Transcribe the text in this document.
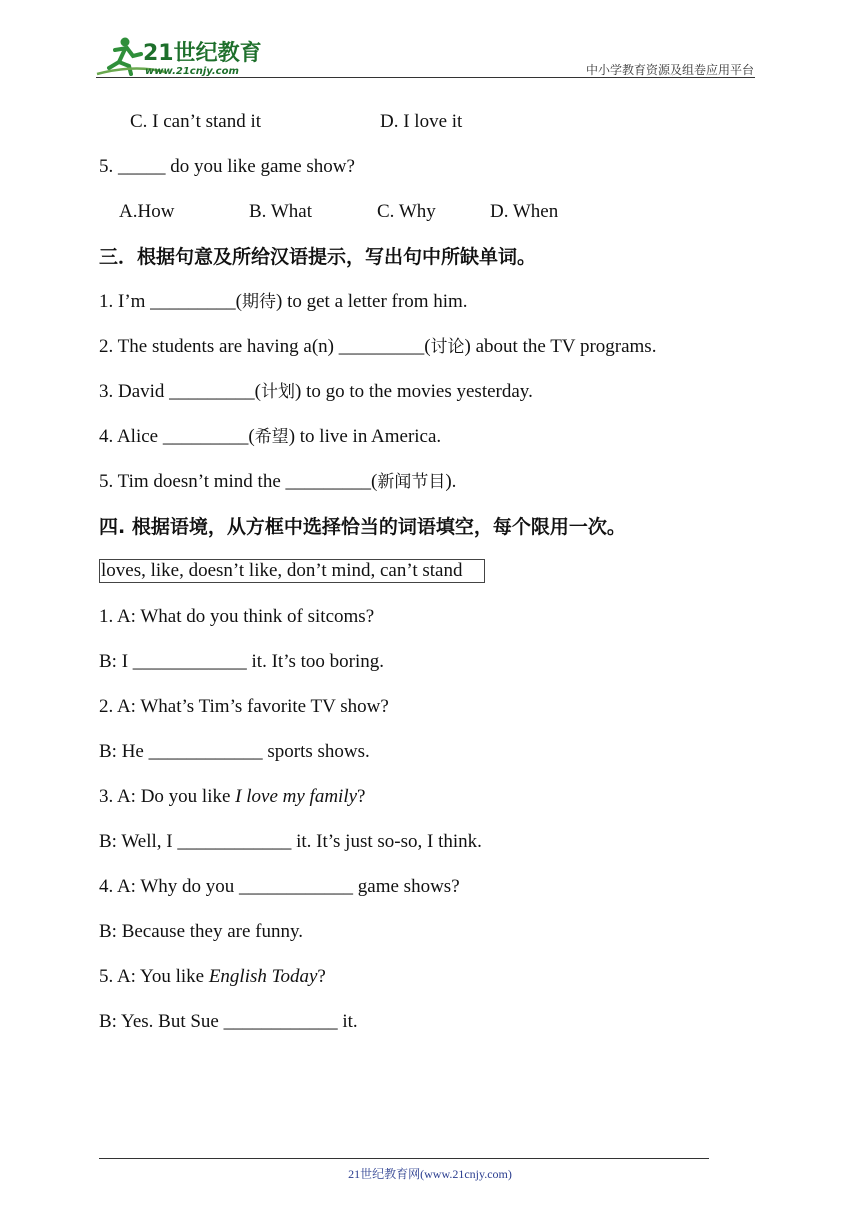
21世纪教育
www.21cnjy.com	中小学教育资源及组卷应用平台
C. I can’t stand it	D. I love it
5. _____ do you like game show?
A.How	B. What	C. Why	D. When
三．根据句意及所给汉语提示，写出句中所缺单词。
1. I’m _________(期待) to get a letter from him.
2. The students are having a(n) _________(讨论) about the TV programs.
3. David _________(计划) to go to the movies yesterday.
4. Alice _________(希望) to live in America.
5. Tim doesn’t mind the _________(新闻节目).
四. 根据语境，从方框中选择恰当的词语填空，每个限用一次。
loves, like, doesn’t like, don’t mind, can’t stand
1. A: What do you think of sitcoms?
B: I ____________ it. It’s too boring.
2. A: What’s Tim’s favorite TV show?
B: He ____________ sports shows.
3. A: Do you like I love my family?
B: Well, I ____________ it. It’s just so-so, I think.
4. A: Why do you ____________ game shows?
B: Because they are funny.
5. A: You like English Today?
B: Yes. But Sue ____________ it.
21世纪教育网(www.21cnjy.com)
